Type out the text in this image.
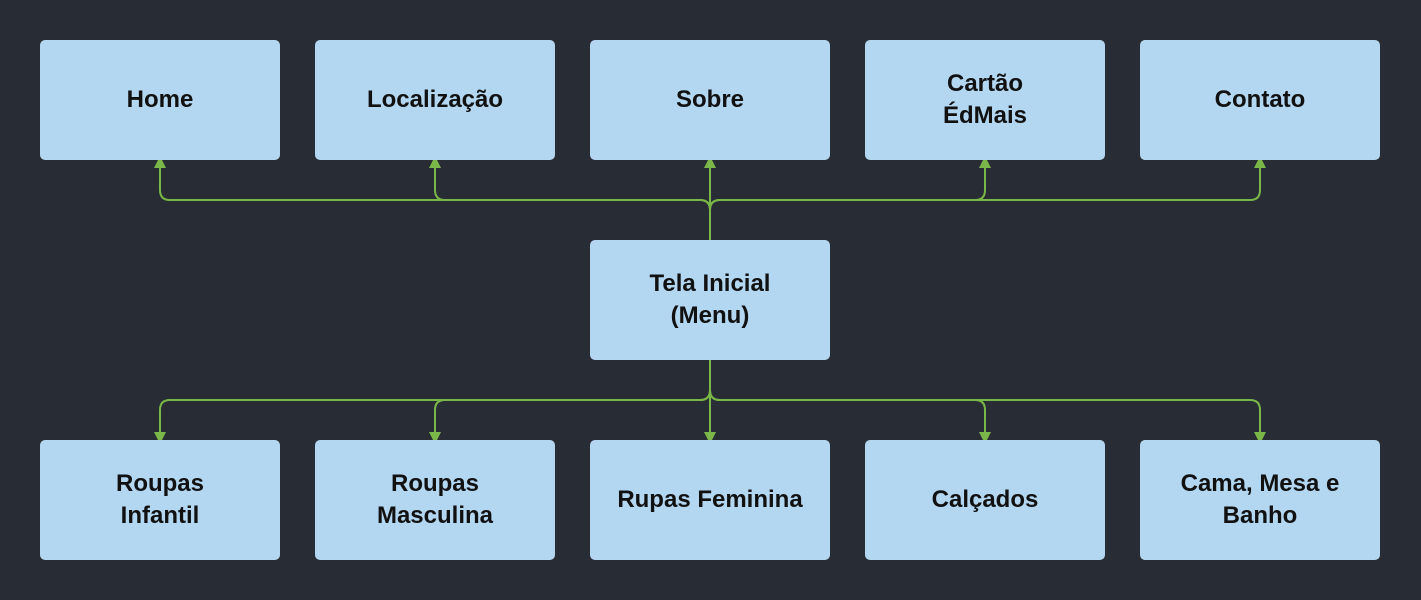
Home	Localização	Sobre
Cartão
ÉdMais
Contato
Tela Inicial
(Menu)
Roupas
Infantil
Roupas
Masculina
Rupas Feminina	Calçados
Cama, Mesa e
Banho
